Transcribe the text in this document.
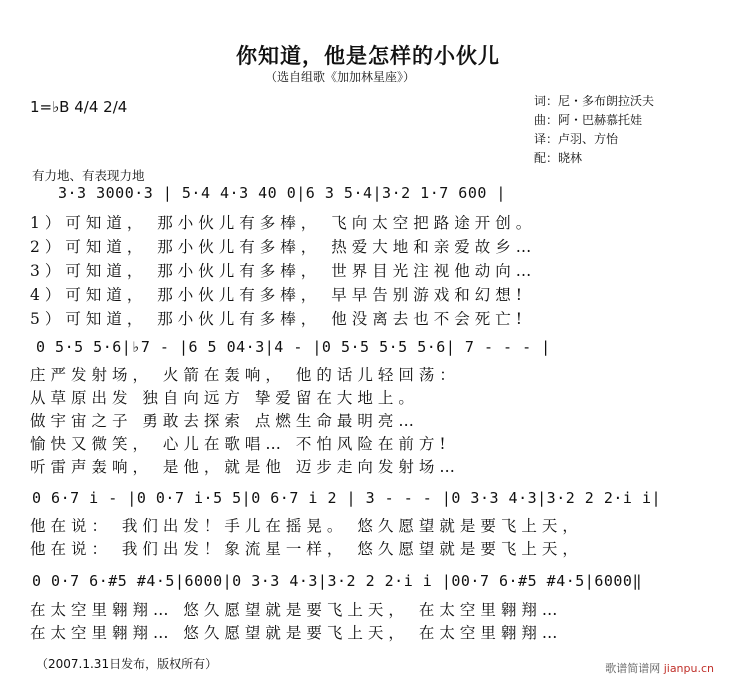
你知道，他是怎样的小伙儿
（选自组歌《加加林星座》）
1=♭B 4/4 2/4	词：尼・多布朗拉沃夫
曲：阿・巴赫慕托娃
译：卢羽、方怡
配：晓林
有力地、有表现力地
3·3 3000·3 | 5·4 4·3 40 0|6 3 5·4|3·2 1·7 600 |
1）可知道， 那小伙儿有多棒， 飞向太空把路途开创。
2）可知道， 那小伙儿有多棒， 热爱大地和亲爱故乡…
3）可知道， 那小伙儿有多棒， 世界目光注视他动向…
4）可知道， 那小伙儿有多棒， 早早告别游戏和幻想!
5）可知道， 那小伙儿有多棒， 他没离去也不会死亡!
0 5·5 5·6|♭7 - |6 5 04·3|4 - |0 5·5 5·5 5·6| 7 - - - |
庄严发射场， 火箭在轰响， 他的话儿轻回荡：
从草原出发 独自向远方 挚爱留在大地上。
做宇宙之子 勇敢去探索 点燃生命最明亮…
愉快又微笑， 心儿在歌唱… 不怕风险在前方!
听雷声轰响， 是他，就是他 迈步走向发射场…
0 6·7 i - |0 0·7 i·5 5|0 6·7 i 2 | 3 - - - |0 3·3 4·3|3·2 2 2·i i|
他在说： 我们出发！手儿在摇晃。 悠久愿望就是要飞上天，
他在说： 我们出发！象流星一样， 悠久愿望就是要飞上天，
0 0·7 6·#5 #4·5|6000|0 3·3 4·3|3·2 2 2·i i |00·7 6·#5 #4·5|6000‖
在太空里翱翔… 悠久愿望就是要飞上天， 在太空里翱翔…
在太空里翱翔… 悠久愿望就是要飞上天， 在太空里翱翔…
（2007.1.31日发布，版权所有）	歌谱简谱网 jianpu.cn
